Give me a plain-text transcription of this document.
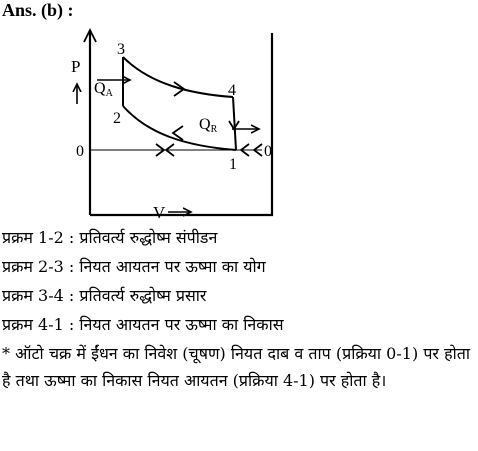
Ans. (b) :
P
V
QA
QR
3
2
4
1
0
0
प्रक्रम 1-2 : प्रतिवर्त्य रुद्धोष्म संपीडन
प्रक्रम 2-3 : नियत आयतन पर ऊष्मा का योग
प्रक्रम 3-4 : प्रतिवर्त्य रुद्धोष्म प्रसार
प्रक्रम 4-1 : नियत आयतन पर ऊष्मा का निकास
* ऑटो चक्र में ईंधन का निवेश (चूषण) नियत दाब व ताप (प्रक्रिया 0-1) पर होता है तथा ऊष्मा का निकास नियत आयतन (प्रक्रिया 4-1) पर होता है।
